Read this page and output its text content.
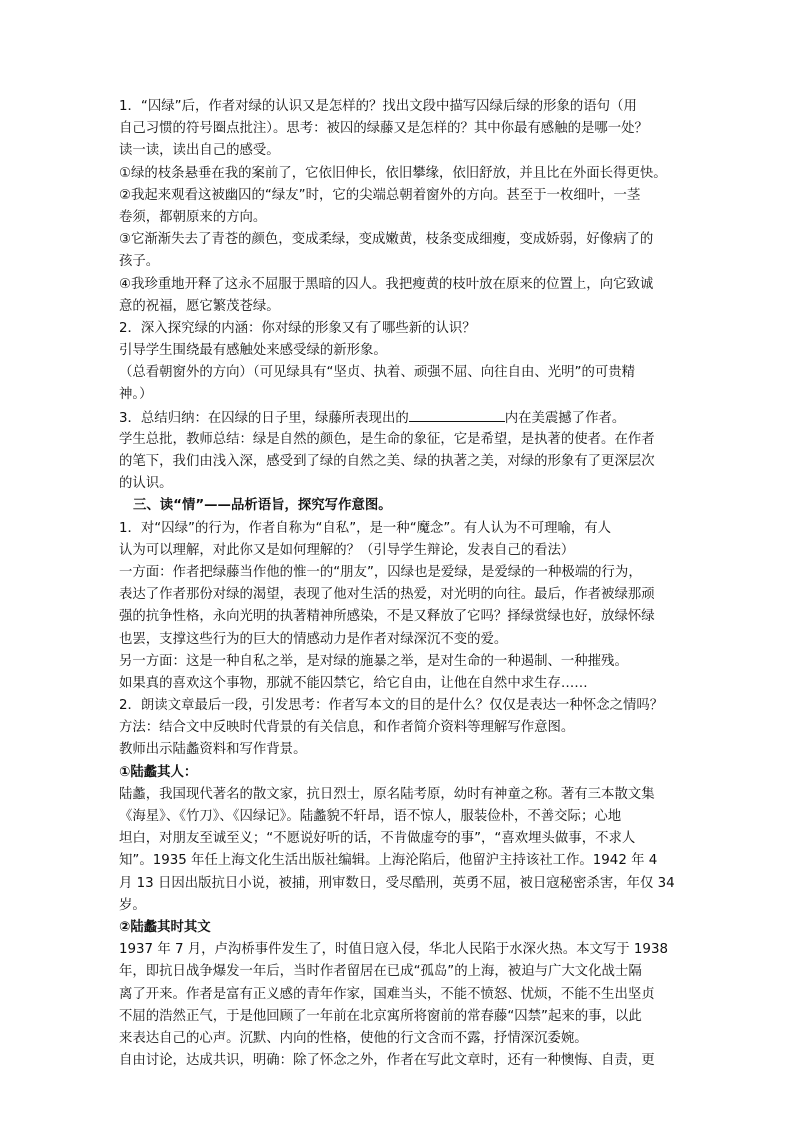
1．“囚绿”后，作者对绿的认识又是怎样的？找出文段中描写囚绿后绿的形象的语句（用
自己习惯的符号圈点批注）。思考：被囚的绿藤又是怎样的？其中你最有感触的是哪一处？
读一读，读出自己的感受。
①绿的枝条悬垂在我的案前了，它依旧伸长，依旧攀缘，依旧舒放，并且比在外面长得更快。
②我起来观看这被幽囚的“绿友”时，它的尖端总朝着窗外的方向。甚至于一枚细叶，一茎
卷须，都朝原来的方向。
③它渐渐失去了青苍的颜色，变成柔绿，变成嫩黄，枝条变成细瘦，变成娇弱，好像病了的
孩子。
④我珍重地开释了这永不屈服于黑暗的囚人。我把瘦黄的枝叶放在原来的位置上，向它致诚
意的祝福，愿它繁茂苍绿。
2．深入探究绿的内涵：你对绿的形象又有了哪些新的认识？
引导学生围绕最有感触处来感受绿的新形象。
（总看朝窗外的方向）（可见绿具有“坚贞、执着、顽强不屈、向往自由、光明”的可贵精
神。）
3．总结归纳：在囚绿的日子里，绿藤所表现出的	内在美震撼了作者。
学生总批，教师总结：绿是自然的颜色，是生命的象征，它是希望，是执著的使者。在作者
的笔下，我们由浅入深，感受到了绿的自然之美、绿的执著之美，对绿的形象有了更深层次
的认识。
三、读“情”——品析语旨，探究写作意图。
1．对“囚绿”的行为，作者自称为“自私”，是一种“魔念”。有人认为不可理喻，有人
认为可以理解，对此你又是如何理解的？（引导学生辩论，发表自己的看法）
一方面：作者把绿藤当作他的惟一的“朋友”，囚绿也是爱绿，是爱绿的一种极端的行为，
表达了作者那份对绿的渴望，表现了他对生活的热爱，对光明的向往。最后，作者被绿那顽
强的抗争性格，永向光明的执著精神所感染，不是又释放了它吗？择绿赏绿也好，放绿怀绿
也罢，支撑这些行为的巨大的情感动力是作者对绿深沉不变的爱。
另一方面：这是一种自私之举，是对绿的施暴之举，是对生命的一种遏制、一种摧残。
如果真的喜欢这个事物，那就不能囚禁它，给它自由，让他在自然中求生存……
2．朗读文章最后一段，引发思考：作者写本文的目的是什么？仅仅是表达一种怀念之情吗？
方法：结合文中反映时代背景的有关信息，和作者简介资料等理解写作意图。
教师出示陆蠡资料和写作背景。
①陆蠡其人：
陆蠡，我国现代著名的散文家，抗日烈士，原名陆考原，幼时有神童之称。著有三本散文集
《海星》、《竹刀》、《囚绿记》。陆蠡貌不轩昂，语不惊人，服装俭朴，不善交际；心地
坦白，对朋友至诚至义；“不愿说好听的话，不肯做虚夸的事”，“喜欢埋头做事，不求人
知”。1935 年任上海文化生活出版社编辑。上海沦陷后，他留沪主持该社工作。1942 年 4
月 13 日因出版抗日小说，被捕，刑审数日，受尽酷刑，英勇不屈，被日寇秘密杀害，年仅 34
岁。
②陆蠡其时其文
1937 年 7 月，卢沟桥事件发生了，时值日寇入侵，华北人民陷于水深火热。本文写于 1938
年，即抗日战争爆发一年后，当时作者留居在已成“孤岛”的上海，被迫与广大文化战士隔
离了开来。作者是富有正义感的青年作家，国难当头，不能不愤怒、忧烦，不能不生出坚贞
不屈的浩然正气，于是他回顾了一年前在北京寓所将窗前的常春藤“囚禁”起来的事，以此
来表达自己的心声。沉默、内向的性格，使他的行文含而不露，抒情深沉委婉。
自由讨论，达成共识，明确：除了怀念之外，作者在写此文章时，还有一种懊悔、自责，更
